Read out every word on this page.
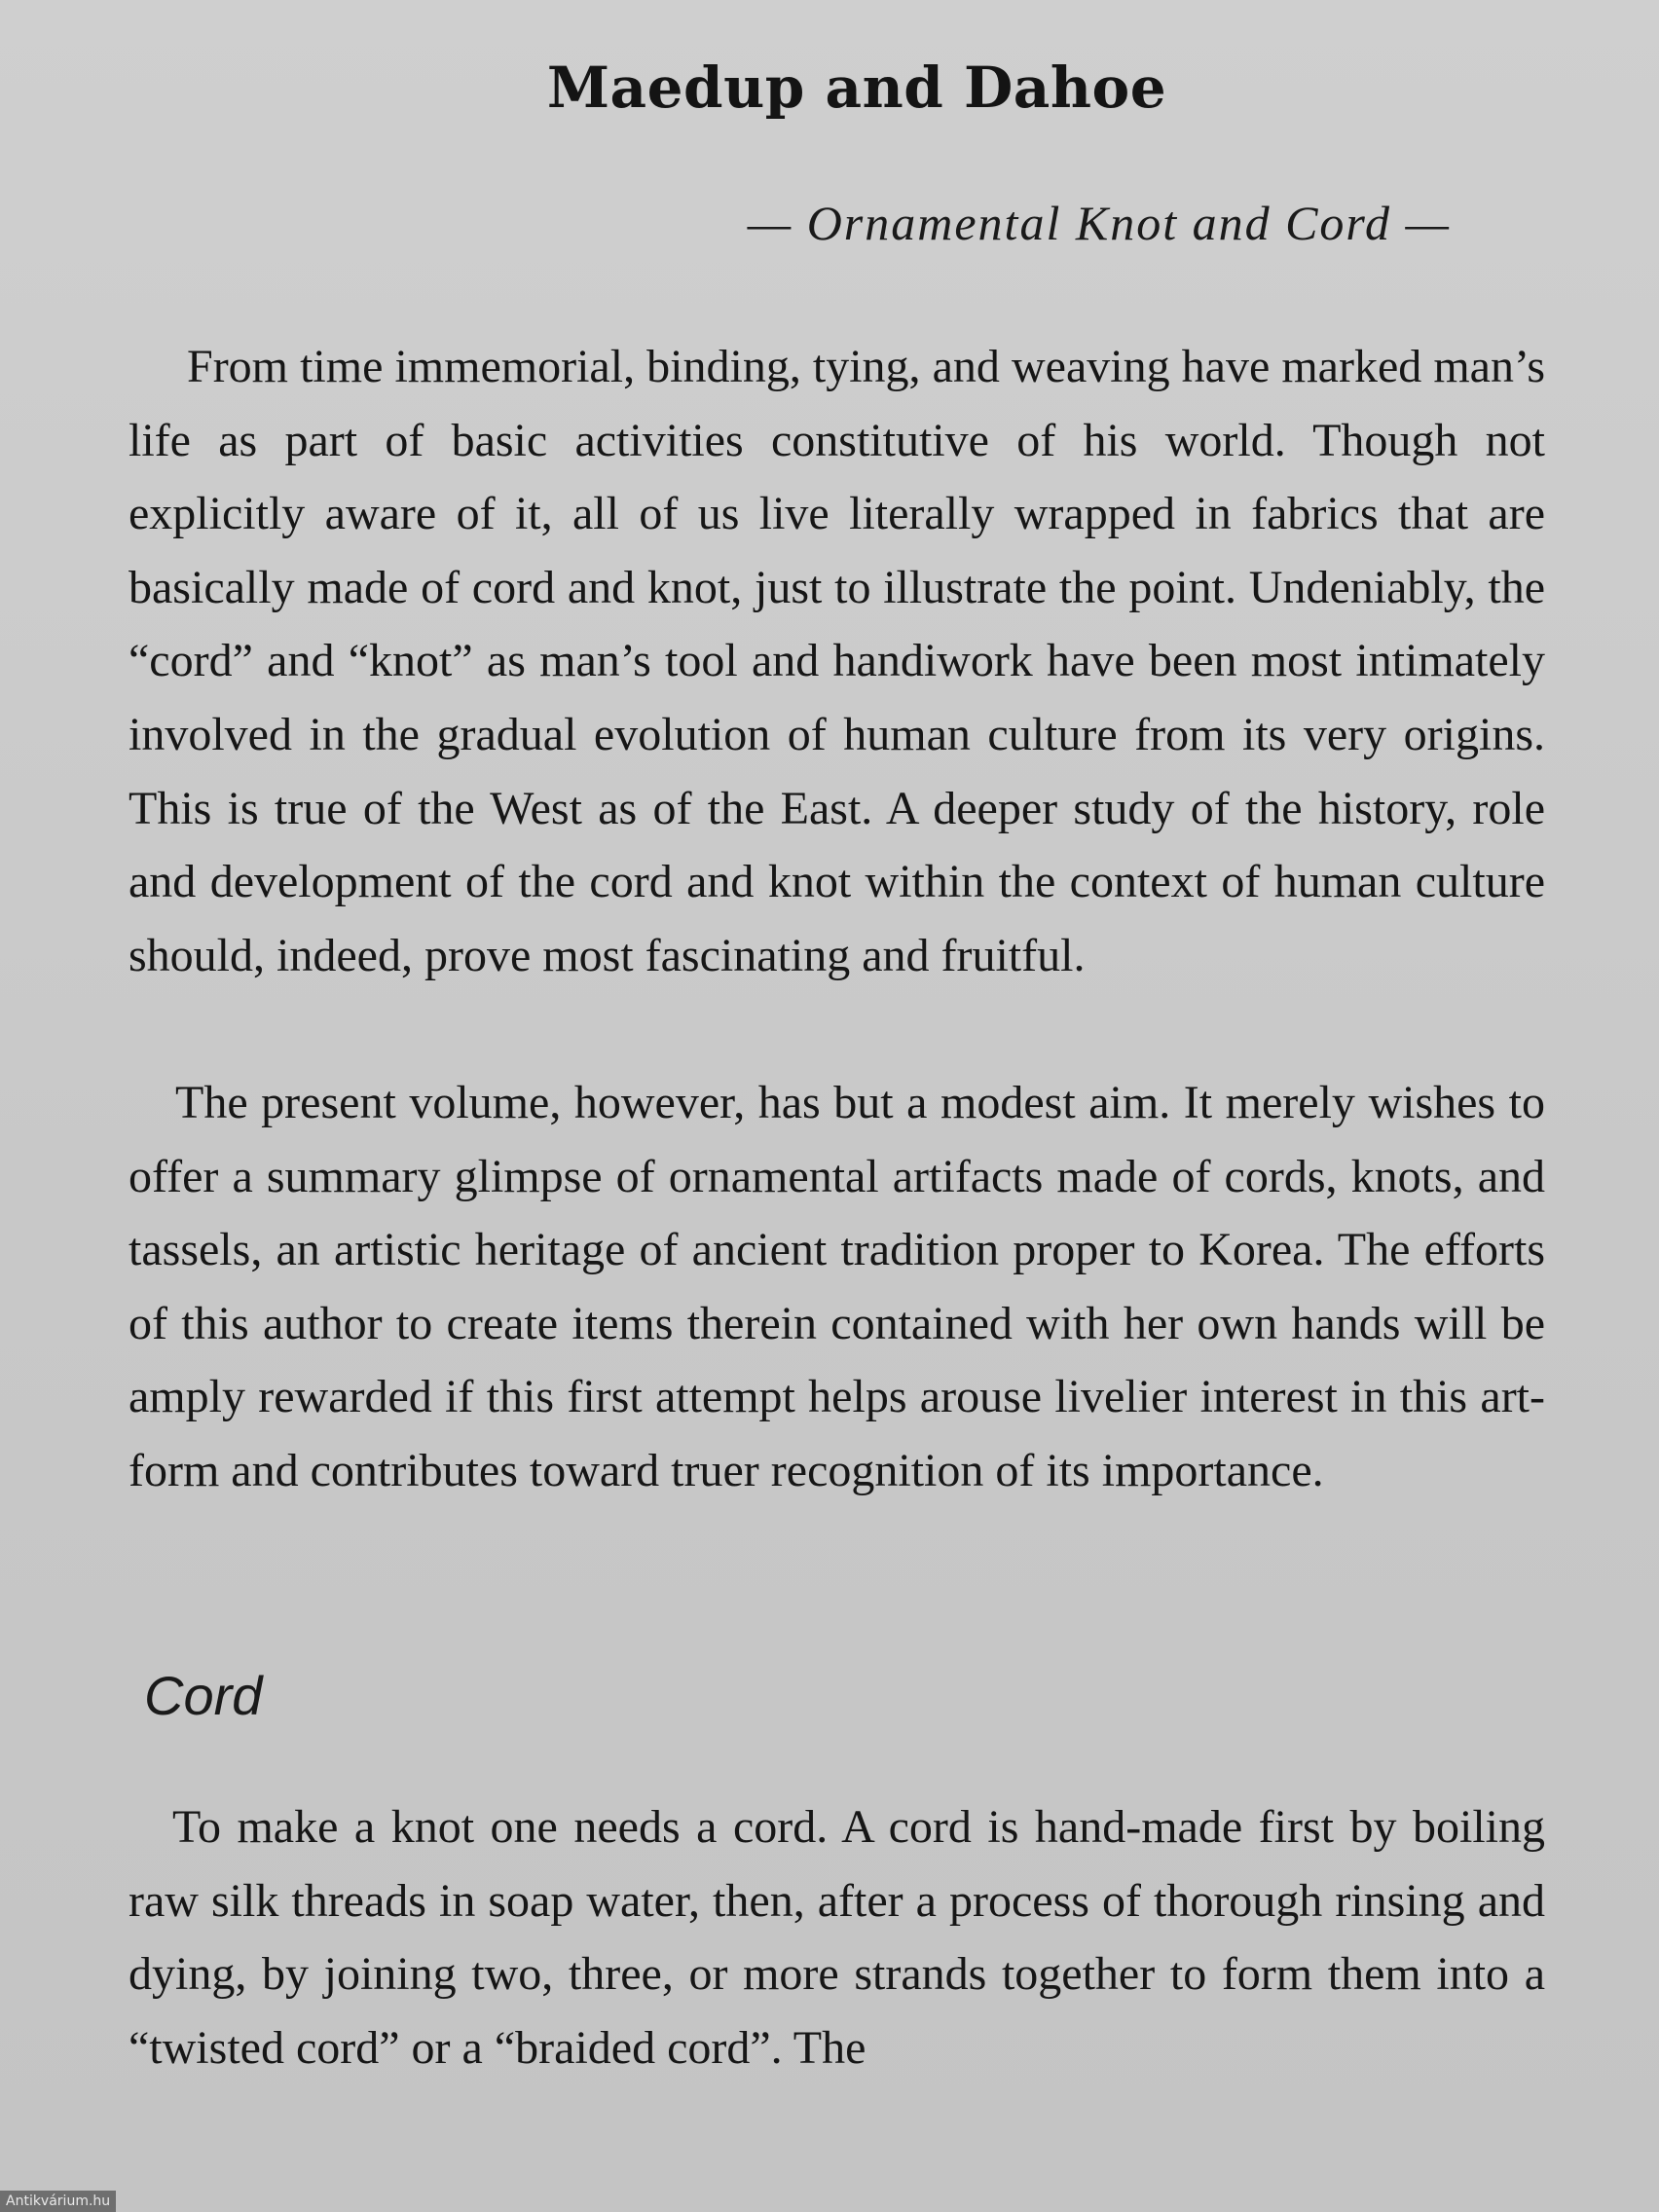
Maedup and Dahoe
— Ornamental Knot and Cord —

From time immemorial, binding, tying, and weaving have marked man’s life as part of basic activities constitutive of his world. Though not explicitly aware of it, all of us live literally wrapped in fabrics that are basically made of cord and knot, just to illustrate the point. Undeniably, the “cord” and “knot” as man’s tool and handiwork have been most intimately involved in the gradual evolution of human culture from its very origins. This is true of the West as of the East. A deeper study of the history, role and development of the cord and knot within the context of human culture should, indeed, prove most fascinating and fruitful.

The present volume, however, has but a modest aim. It merely wishes to offer a summary glimpse of ornamental artifacts made of cords, knots, and tassels, an artistic heritage of ancient tradition proper to Korea. The efforts of this author to create items therein contained with her own hands will be amply rewarded if this first attempt helps arouse livelier interest in this art-form and contributes toward truer recognition of its importance.

Cord

To make a knot one needs a cord. A cord is hand-made first by boiling raw silk threads in soap water, then, after a process of thorough rinsing and dying, by joining two, three, or more strands together to form them into a “twisted cord” or a “braided cord”. The

Antikvárium.hu
